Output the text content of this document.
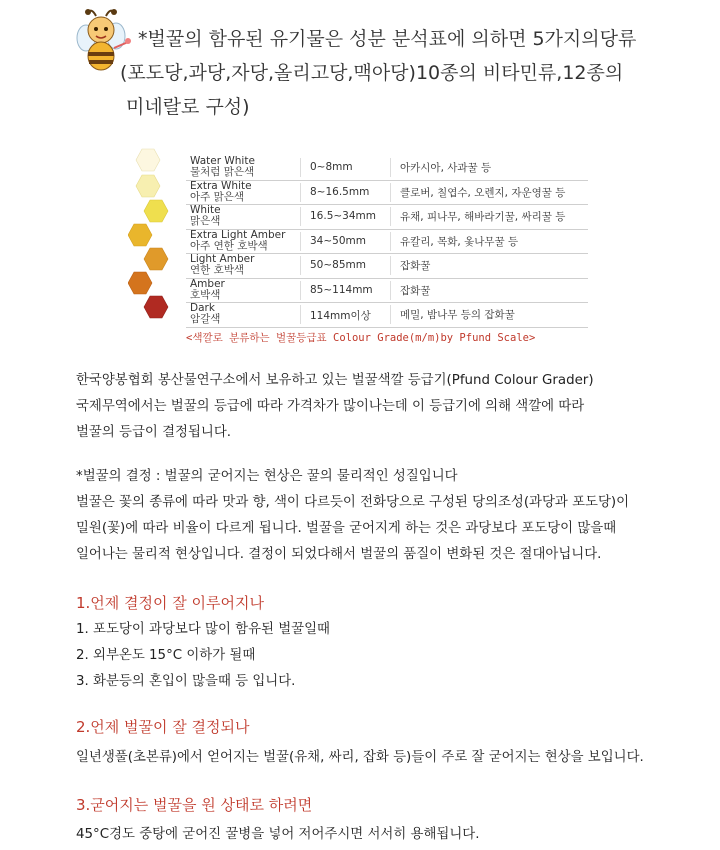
*벌꿀의 함유된 유기물은 성분 분석표에 의하면 5가지의당류
(포도당,과당,자당,올리고당,맥아당)10종의 비타민류,12종의
미네랄로 구성)
Water White
물처럼 맑은색	0~8mm	아카시아, 사과꿀 등
Extra White
아주 맑은색	8~16.5mm	클로버, 칠엽수, 오렌지, 자운영꿀 등
White
맑은색	16.5~34mm 유채, 피나무, 해바라기꿀, 싸리꿀 등
Extra Light Amber
아주 연한 호박색	34~50mm	유칼리, 목화, 옻나무꿀 등
Light Amber
연한 호박색	50~85mm	잡화꿀
Amber
호박색	85~114mm	잡화꿀
Dark
암갈색	114mm이상	메밀, 밤나무 등의 잡화꿀
<색깔로 분류하는 벌꿀등급표 Colour Grade(m/m)by Pfund Scale>
한국양봉협회 봉산물연구소에서 보유하고 있는 벌꿀색깔 등급기(Pfund Colour Grader)
국제무역에서는 벌꿀의 등급에 따라 가격차가 많이나는데 이 등급기에 의해 색깔에 따라
벌꿀의 등급이 결정됩니다.
*벌꿀의 결정 : 벌꿀의 굳어지는 현상은 꿀의 물리적인 성질입니다
벌꿀은 꽃의 종류에 따라 맛과 향, 색이 다르듯이 전화당으로 구성된 당의조성(과당과 포도당)이
밀원(꽃)에 따라 비율이 다르게 됩니다. 벌꿀을 굳어지게 하는 것은 과당보다 포도당이 많을때
일어나는 물리적 현상입니다. 결정이 되었다해서 벌꿀의 품질이 변화된 것은 절대아닙니다.
1.언제 결정이 잘 이루어지나
1. 포도당이 과당보다 많이 함유된 벌꿀일때
2. 외부온도 15°C 이하가 될때
3. 화분등의 혼입이 많을때 등 입니다.
2.언제 벌꿀이 잘 결정되나
일년생풀(초본류)에서 얻어지는 벌꿀(유채, 싸리, 잡화 등)들이 주로 잘 굳어지는 현상을 보입니다.
3.굳어지는 벌꿀을 원 상태로 하려면
45°C경도 중탕에 굳어진 꿀병을 넣어 저어주시면 서서히 용해됩니다.
